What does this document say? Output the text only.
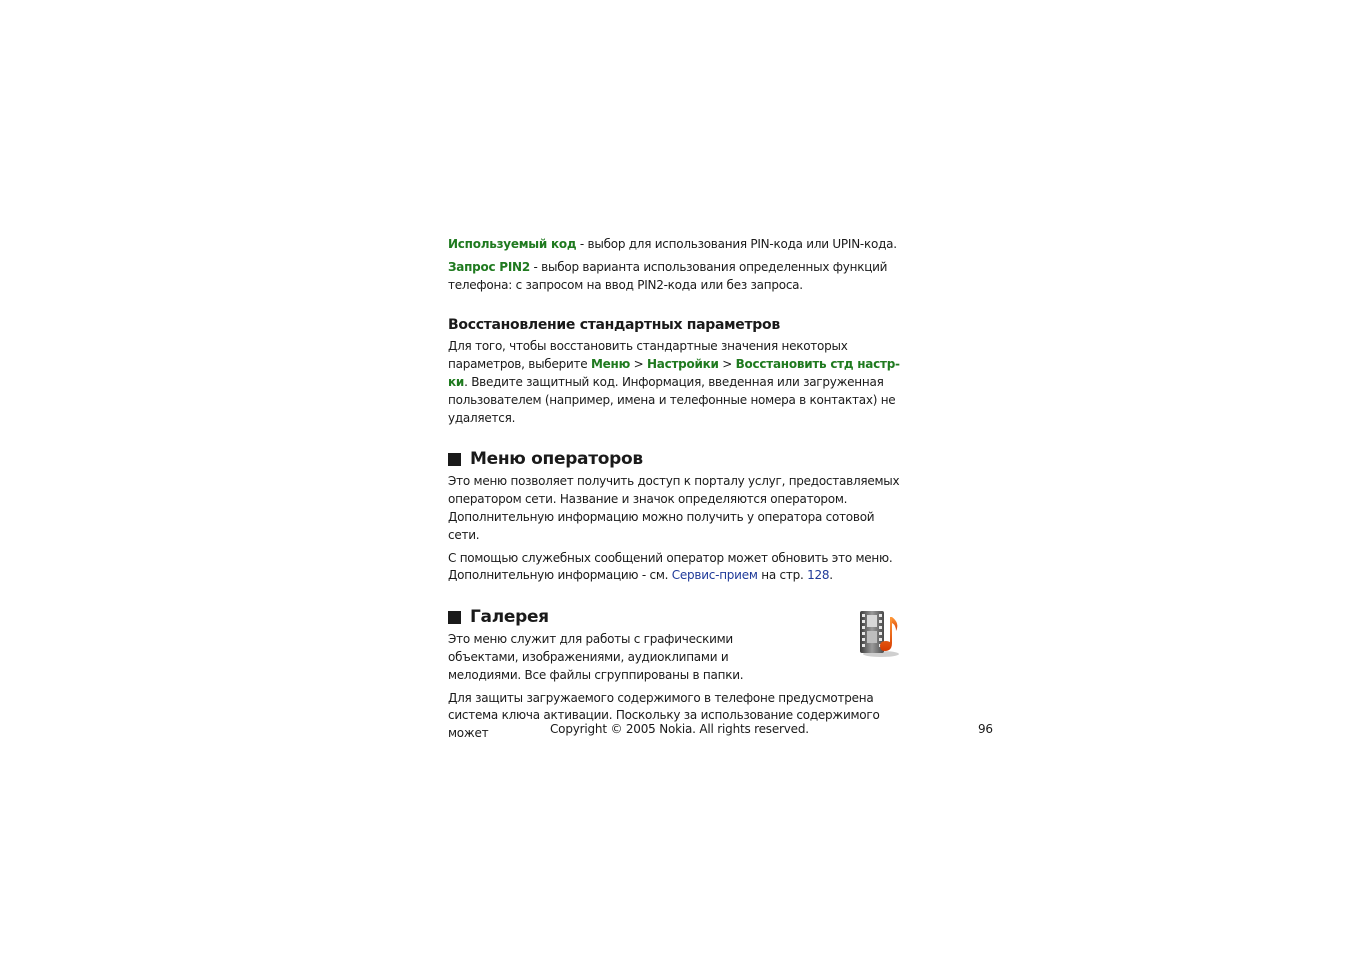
Используемый код - выбор для использования PIN-кода или UPIN-кода.

Запрос PIN2 - выбор варианта использования определенных функций телефона: с запросом на ввод PIN2-кода или без запроса.

Восстановление стандартных параметров

Для того, чтобы восстановить стандартные значения некоторых параметров, выберите Меню > Настройки > Восстановить стд настр-ки. Введите защитный код. Информация, введенная или загруженная пользователем (например, имена и телефонные номера в контактах) не удаляется.

Меню операторов

Это меню позволяет получить доступ к порталу услуг, предоставляемых оператором сети. Название и значок определяются оператором. Дополнительную информацию можно получить у оператора сотовой сети.

С помощью служебных сообщений оператор может обновить это меню. Дополнительную информацию - см. Сервис-прием на стр. 128.

Галерея

Это меню служит для работы с графическими объектами, изображениями, аудиоклипами и мелодиями. Все файлы сгруппированы в папки.

Для защиты загружаемого содержимого в телефоне предусмотрена система ключа активации. Поскольку за использование содержимого может	Copyright © 2005 Nokia. All rights reserved.	96
